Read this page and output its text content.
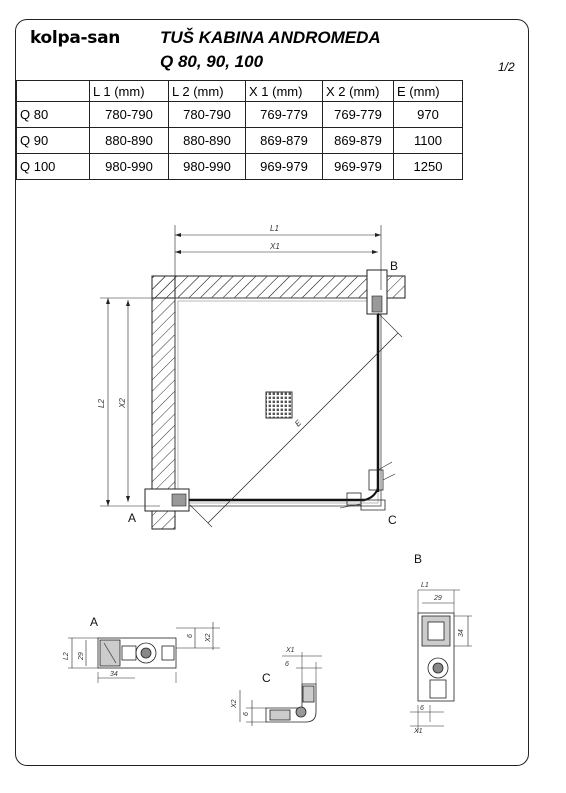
kolpa-san TUŠ KABINA ANDROMEDA
Q 80, 90, 100	1/2
	L 1 (mm)	L 2 (mm)	X 1 (mm)	X 2 (mm)	E (mm)
Q 80	780-790	780-790	769-779	769-779	970
Q 90	880-890	880-890	869-879	869-879	1100
Q 100	980-990	980-990	969-979	969-979	1250
L1
X1
L2 X2
E
A
B
C
L2 29
34
6 X2
A
X1
6
X2
6
C
L1
29
34
6
X1
B
